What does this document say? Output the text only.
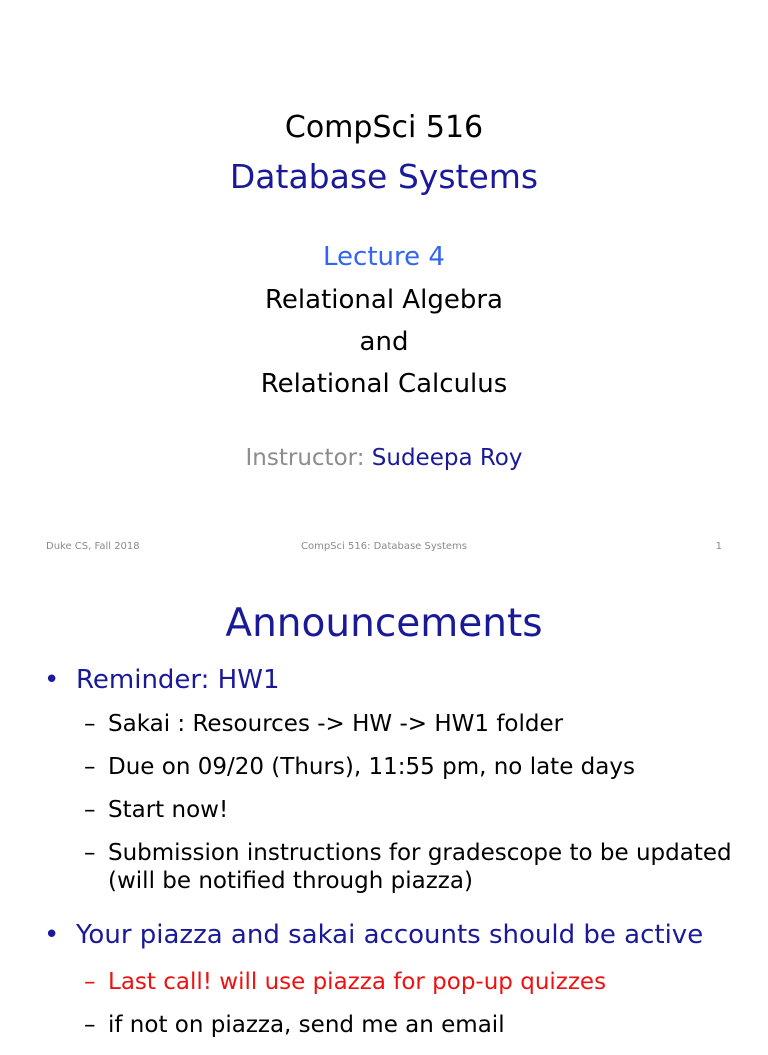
CompSci 516
Database Systems
Lecture 4
Relational Algebra
and
Relational Calculus
Instructor: Sudeepa Roy
Duke CS, Fall 2018	CompSci 516: Database Systems	1
Announcements
• Reminder: HW1
– Sakai : Resources -> HW -> HW1 folder
– Due on 09/20 (Thurs), 11:55 pm, no late days
– Start now!
– Submission instructions for gradescope to be updated (will be notified through piazza)
• Your piazza and sakai accounts should be active
– Last call! will use piazza for pop-up quizzes
– if not on piazza, send me an email
